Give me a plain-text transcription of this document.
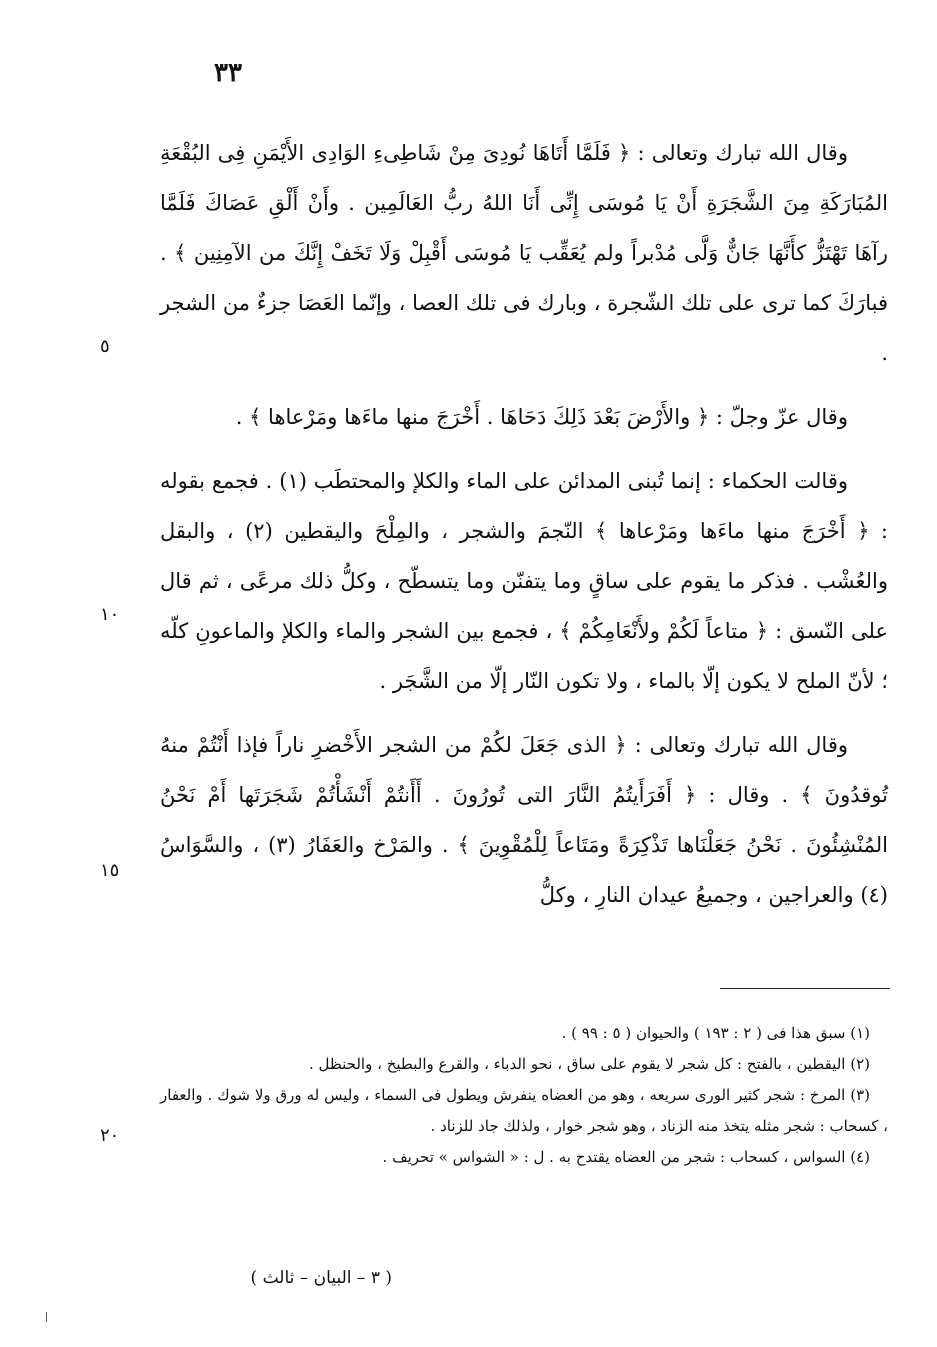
٣٣

وقال الله تبارك وتعالى : ﴿ فَلَمَّا أَتَاهَا نُودِىَ مِنْ شَاطِىءِ الوَادِى الأَيْمَنِ فِى البُقْعَةِ المُبَارَكَةِ مِنَ الشَّجَرَةِ أَنْ يَا مُوسَى إِنِّى أَنَا اللهُ ربُّ العَالَمِين . وأَنْ أَلْقِ عَصَاكَ فَلَمَّا رآهَا تَهْتَزُّ كأَنَّهَا جَانٌّ وَلَّى مُدْبراً ولم يُعَقِّب يَا مُوسَى أَقْبِلْ وَلَا تَخَفْ إِنَّكَ من الآمِنِين ﴾ . فبارَكَ كما ترى على تلك الشّجرة ، وبارك فى تلك العصا ، وإنّما العَصَا جزءٌ من الشجر .

وقال عزّ وجلّ : ﴿ والأَرْضَ بَعْدَ ذَلِكَ دَحَاهَا . أَخْرَجَ منها ماءَها ومَرْعاها ﴾ .

وقالت الحكماء : إنما تُبنى المدائن على الماء والكلإ والمحتطَب (١) . فجمع بقوله : ﴿ أَخْرَجَ منها ماءَها ومَرْعاها ﴾ النّجمَ والشجر ، والمِلْحَ واليقطين (٢) ، والبقل والعُشْب . فذكر ما يقوم على ساقٍ وما يتفنّن وما يتسطّح ، وكلُّ ذلك مرعًى ، ثم قال على النّسق : ﴿ متاعاً لَكُمْ ولأَنْعَامِكُمْ ﴾ ، فجمع بين الشجر والماء والكلإ والماعونِ كلّه ؛ لأنّ الملح لا يكون إلّا بالماء ، ولا تكون النّار إلّا من الشَّجَر .

وقال الله تبارك وتعالى : ﴿ الذى جَعَلَ لكُمْ من الشجر الأَخْضرِ ناراً فإذا أَنْتُمْ منهُ تُوقدُونَ ﴾ . وقال : ﴿ أَفَرَأَيتُمُ النَّارَ التى تُورُونَ . أَأَنتُمْ أَنْشَأْتُمْ شَجَرَتَها أَمْ نَحْنُ المُنْشِئُونَ . نَحْنُ جَعَلْنَاها تَذْكِرَةً ومَتَاعاً لِلْمُقْوِينَ ﴾ . والمَرْخ والعَفَارُ (٣) ، والسَّوَاسُ (٤) والعراجين ، وجميعُ عيدان النارِ ، وكلُّ

٥
١٠
١٥
٢٠

(١) سبق هذا فى ( ٢ : ١٩٣ ) والحيوان ( ٥ : ٩٩ ) .

(٢) اليقطين ، بالفتح : كل شجر لا يقوم على ساق ، نحو الدباء ، والقرع والبطيخ ، والحنظل .

(٣) المرخ : شجر كثير الورى سريعه ، وهو من العضاه ينفرش ويطول فى السماء ، وليس له ورق ولا شوك . والعفار ، كسحاب : شجر مثله يتخذ منه الزناد ، وهو شجر خوار ، ولذلك جاد للزناد .

(٤) السواس ، كسحاب : شجر من العضاه يقتدح به . ل : « الشواس » تحريف .

( ٣ – البيان – ثالث )
